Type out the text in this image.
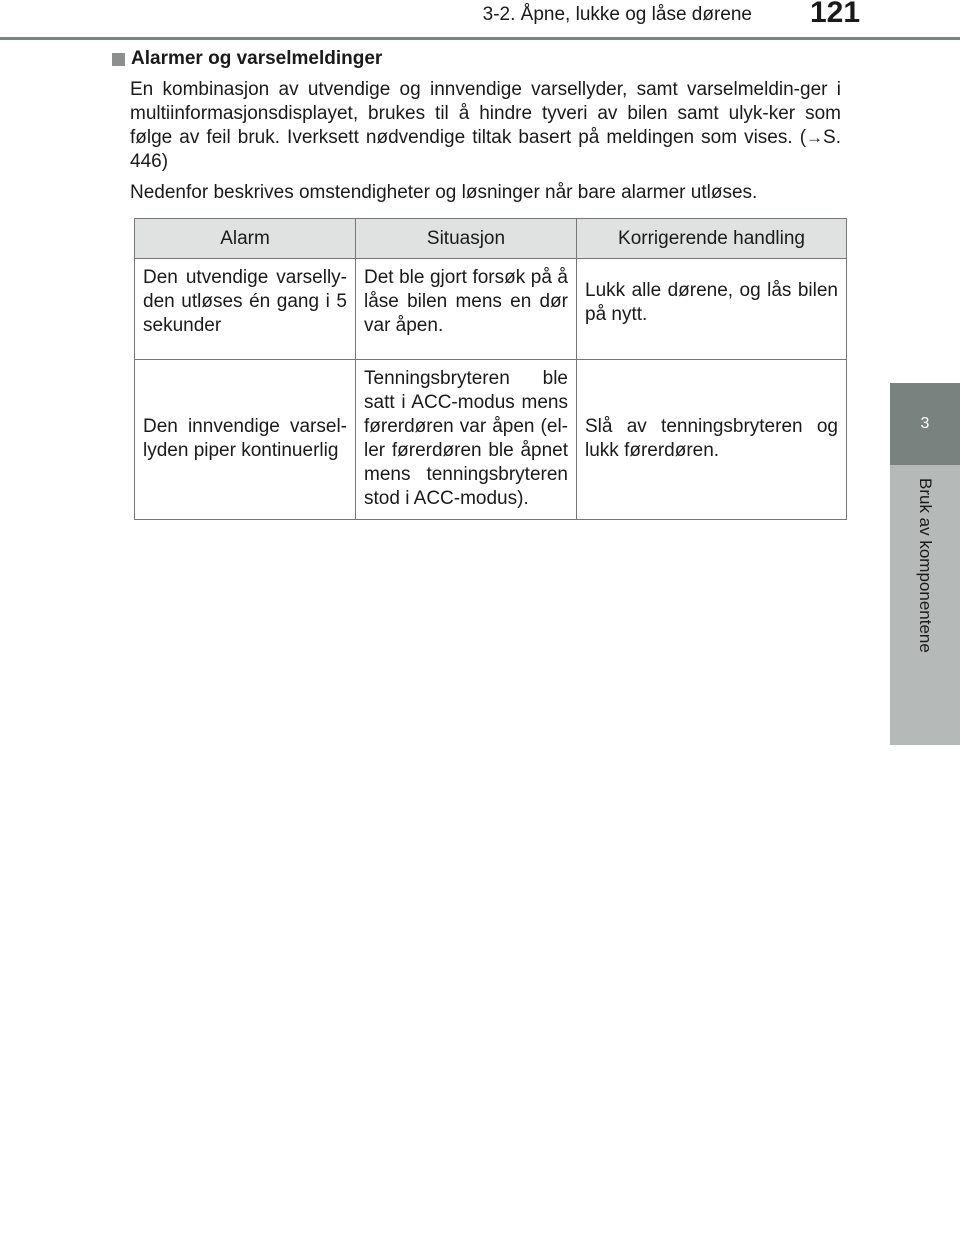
3-2. Åpne, lukke og låse dørene	121
3
Bruk av komponentene
Alarmer og varselmeldinger
En kombinasjon av utvendige og innvendige varsellyder, samt varselmeldin-ger i multiinformasjonsdisplayet, brukes til å hindre tyveri av bilen samt ulyk-ker som følge av feil bruk. Iverksett nødvendige tiltak basert på meldingen som vises. (→S. 446)
Nedenfor beskrives omstendigheter og løsninger når bare alarmer utløses.
Alarm	Situasjon	Korrigerende handling
Den utvendige varselly-den utløses én gang i 5 sekunder	Det ble gjort forsøk på å låse bilen mens en dør var åpen.	Lukk alle dørene, og lås bilen på nytt.
Den innvendige varsel-lyden piper kontinuerlig	Tenningsbryteren ble satt i ACC-modus mens førerdøren var åpen (el-ler førerdøren ble åpnet mens tenningsbryteren stod i ACC-modus).	Slå av tenningsbryteren og lukk førerdøren.
